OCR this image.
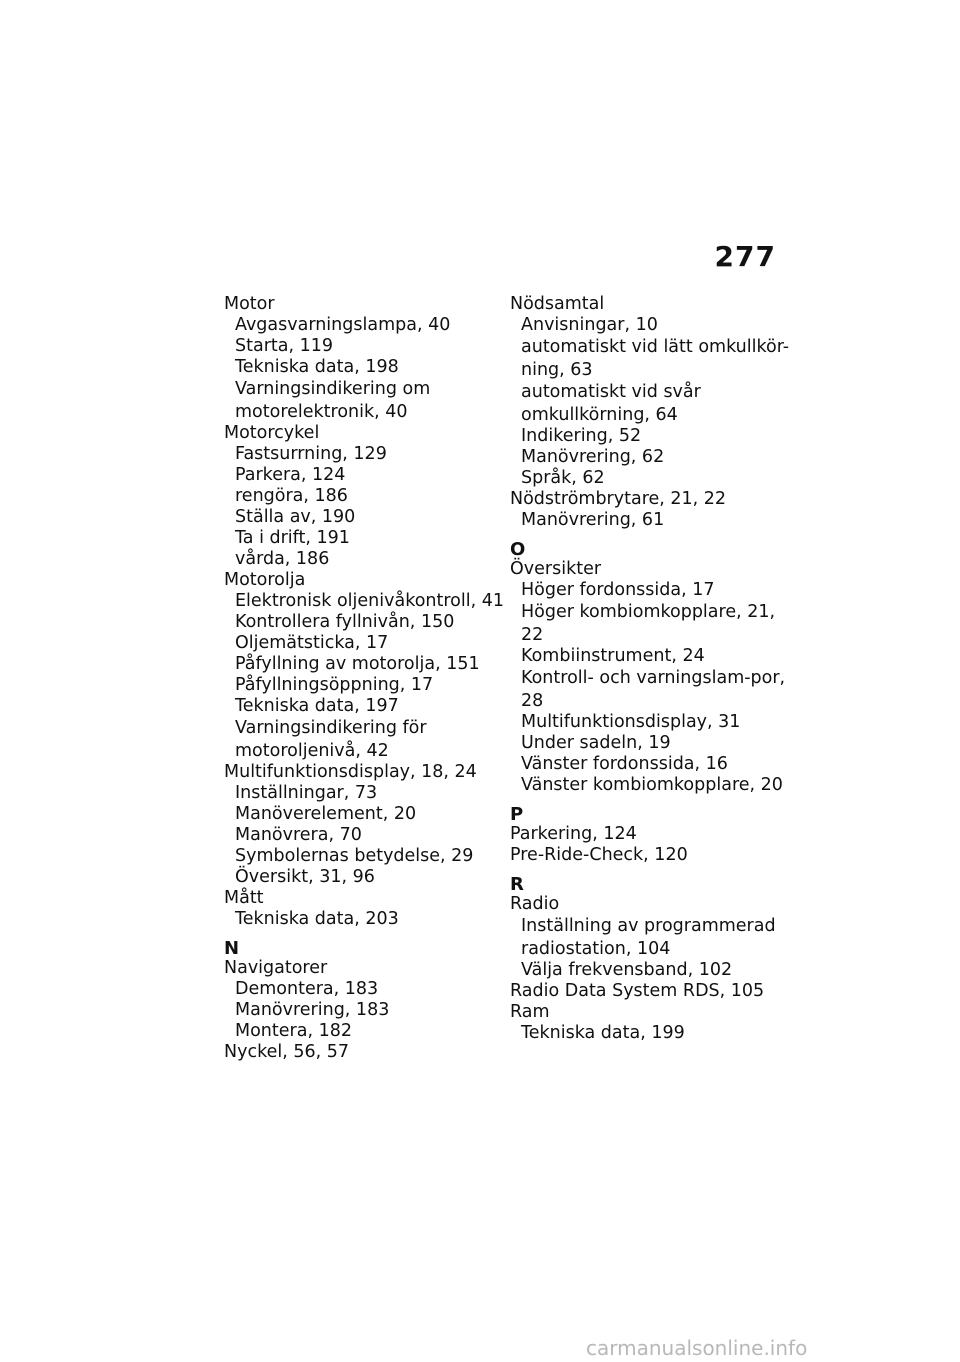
277
Motor
Avgasvarningslampa, 40
Starta, 119
Tekniska data, 198
Varningsindikering om motorelektronik, 40
Motorcykel
Fastsurrning, 129
Parkera, 124
rengöra, 186
Ställa av, 190
Ta i drift, 191
vårda, 186
Motorolja
Elektronisk oljenivåkontroll, 41
Kontrollera fyllnivån, 150
Oljemätsticka, 17
Påfyllning av motorolja, 151
Påfyllningsöppning, 17
Tekniska data, 197
Varningsindikering för motoroljenivå, 42
Multifunktionsdisplay, 18, 24
Inställningar, 73
Manöverelement, 20
Manövrera, 70
Symbolernas betydelse, 29
Översikt, 31, 96
Mått
Tekniska data, 203
N
Navigatorer
Demontera, 183
Manövrering, 183
Montera, 182
Nyckel, 56, 57
Nödsamtal
Anvisningar, 10
automatiskt vid lätt omkullkör-ning, 63
automatiskt vid svår omkullkörning, 64
Indikering, 52
Manövrering, 62
Språk, 62
Nödströmbrytare, 21, 22
Manövrering, 61
O
Översikter
Höger fordonssida, 17
Höger kombiomkopplare, 21, 22
Kombiinstrument, 24
Kontroll- och varningslam-por, 28
Multifunktionsdisplay, 31
Under sadeln, 19
Vänster fordonssida, 16
Vänster kombiomkopplare, 20
P
Parkering, 124
Pre-Ride-Check, 120
R
Radio
Inställning av programmerad radiostation, 104
Välja frekvensband, 102
Radio Data System RDS, 105
Ram
Tekniska data, 199
carmanualsonline.info
